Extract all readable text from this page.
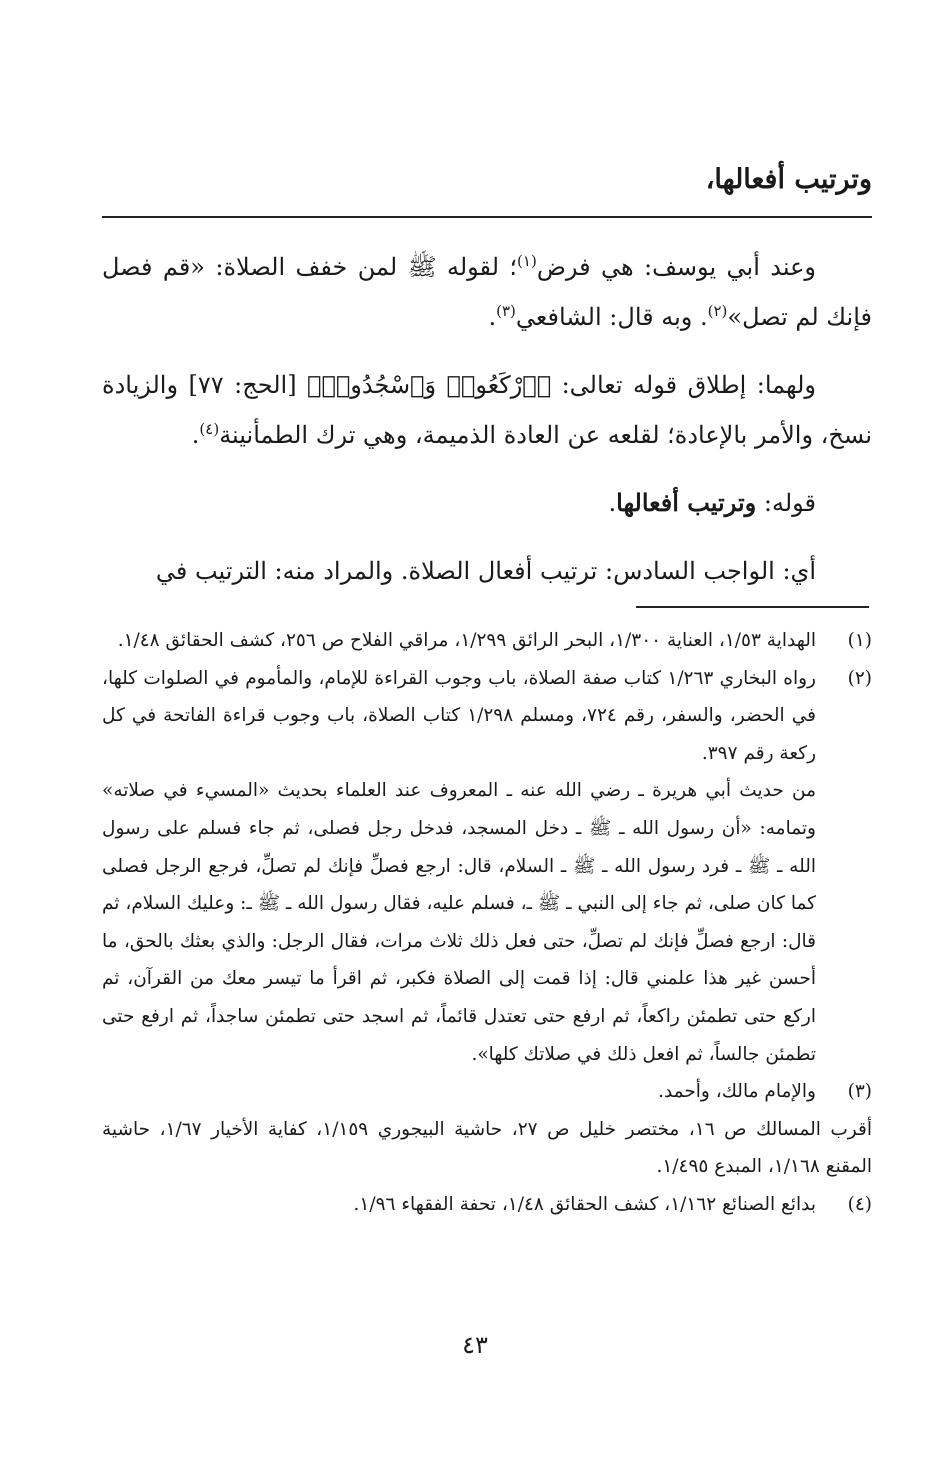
وترتيب أفعالها،

وعند أبي يوسف: هي فرض$^{(١)}$؛ لقوله ﷺ لمن خفف الصلاة: «قم فصل فإنك لم تصل»$^{(٢)}$. وبه قال: الشافعي$^{(٣)}$.

ولهما: إطلاق قوله تعالى: ﴿ٱرْكَعُوا۟ وَٱسْجُدُوا۟﴾ [الحج: ٧٧] والزيادة نسخ، والأمر بالإعادة؛ لقلعه عن العادة الذميمة، وهي ترك الطمأنينة$^{(٤)}$.

قوله: وترتيب أفعالها.

أي: الواجب السادس: ترتيب أفعال الصلاة. والمراد منه: الترتيب في

(١)
الهداية ١/٥٣، العناية ١/٣٠٠، البحر الرائق ١/٢٩٩، مراقي الفلاح ص ٢٥٦، كشف الحقائق ١/٤٨.
(٢)
رواه البخاري ١/٢٦٣ كتاب صفة الصلاة، باب وجوب القراءة للإمام، والمأموم في الصلوات كلها، في الحضر، والسفر، رقم ٧٢٤، ومسلم ١/٢٩٨ كتاب الصلاة، باب وجوب قراءة الفاتحة في كل ركعة رقم ٣٩٧.
من حديث أبي هريرة ـ رضي الله عنه ـ المعروف عند العلماء بحديث «المسيء في صلاته» وتمامه: «أن رسول الله ـ ﷺ ـ دخل المسجد، فدخل رجل فصلى، ثم جاء فسلم على رسول الله ـ ﷺ ـ فرد رسول الله ـ ﷺ ـ السلام، قال: ارجع فصلِّ فإنك لم تصلِّ، فرجع الرجل فصلى كما كان صلى، ثم جاء إلى النبي ـ ﷺ ـ، فسلم عليه، فقال رسول الله ـ ﷺ ـ: وعليك السلام، ثم قال: ارجع فصلِّ فإنك لم تصلِّ، حتى فعل ذلك ثلاث مرات، فقال الرجل: والذي بعثك بالحق، ما أحسن غير هذا علمني قال: إذا قمت إلى الصلاة فكبر، ثم اقرأ ما تيسر معك من القرآن، ثم اركع حتى تطمئن راكعاً، ثم ارفع حتى تعتدل قائماً، ثم اسجد حتى تطمئن ساجداً، ثم ارفع حتى تطمئن جالساً، ثم افعل ذلك في صلاتك كلها».
(٣)
والإمام مالك، وأحمد.
أقرب المسالك ص ١٦، مختصر خليل ص ٢٧، حاشية البيجوري ١/١٥٩، كفاية الأخيار ١/٦٧، حاشية المقنع ١/١٦٨، المبدع ١/٤٩٥.
(٤)
بدائع الصنائع ١/١٦٢، كشف الحقائق ١/٤٨، تحفة الفقهاء ١/٩٦.
٤٣
